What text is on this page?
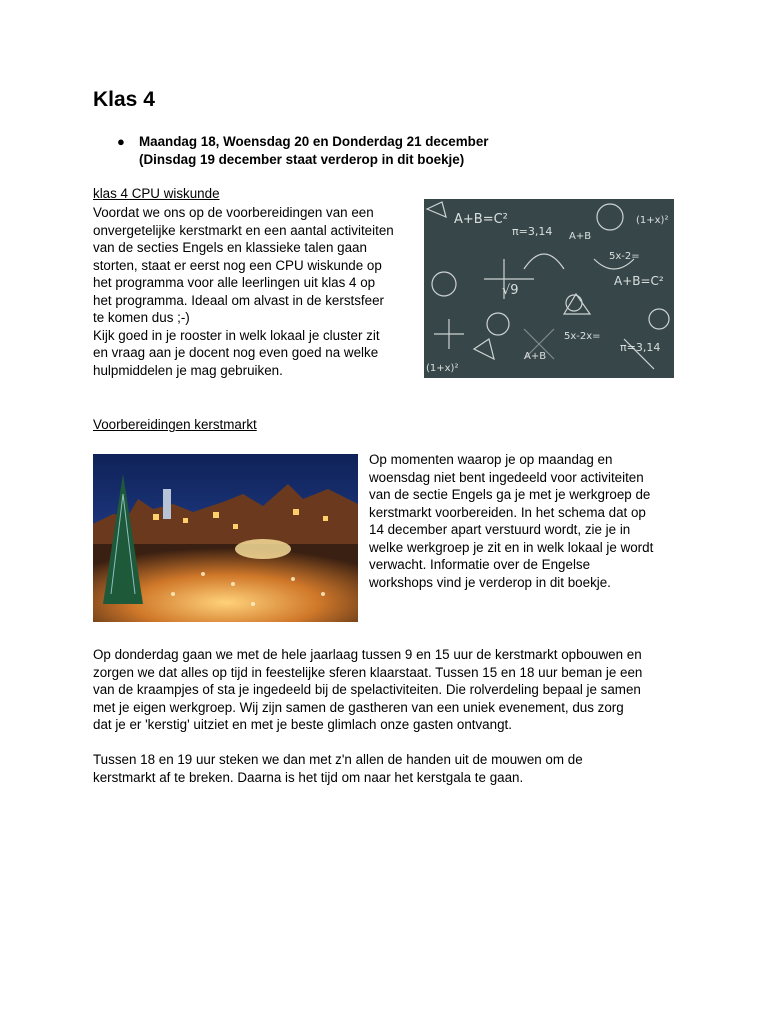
Klas 4
● Maandag 18, Woensdag 20 en Donderdag 21 december
(Dinsdag 19 december staat verderop in dit boekje)
klas 4 CPU wiskunde
Voordat we ons op de voorbereidingen van een
onvergetelijke kerstmarkt en een aantal activiteiten
van de secties Engels en klassieke talen gaan
storten, staat er eerst nog een CPU wiskunde op
het programma voor alle leerlingen uit klas 4 op
het programma. Ideaal om alvast in de kerstsfeer
te komen dus ;-)
Kijk goed in je rooster in welk lokaal je cluster zit
en vraag aan je docent nog even goed na welke
hulpmiddelen je mag gebruiken.
A+B=C²
π=3,14
(1+x)²
5x-2=
A+B
√9
π=3,14
A+B=C²
(1+x)²
A+B
5x-2x=
Voorbereidingen kerstmarkt
Op momenten waarop je op maandag en
woensdag niet bent ingedeeld voor activiteiten
van de sectie Engels ga je met je werkgroep de
kerstmarkt voorbereiden. In het schema dat op
14 december apart verstuurd wordt, zie je in
welke werkgroep je zit en in welk lokaal je wordt
verwacht. Informatie over de Engelse
workshops vind je verderop in dit boekje.
Op donderdag gaan we met de hele jaarlaag tussen 9 en 15 uur de kerstmarkt opbouwen en
zorgen we dat alles op tijd in feestelijke sferen klaarstaat. Tussen 15 en 18 uur beman je een
van de kraampjes of sta je ingedeeld bij de spelactiviteiten. Die rolverdeling bepaal je samen
met je eigen werkgroep. Wij zijn samen de gastheren van een uniek evenement, dus zorg
dat je er 'kerstig' uitziet en met je beste glimlach onze gasten ontvangt.
Tussen 18 en 19 uur steken we dan met z'n allen de handen uit de mouwen om de
kerstmarkt af te breken. Daarna is het tijd om naar het kerstgala te gaan.
